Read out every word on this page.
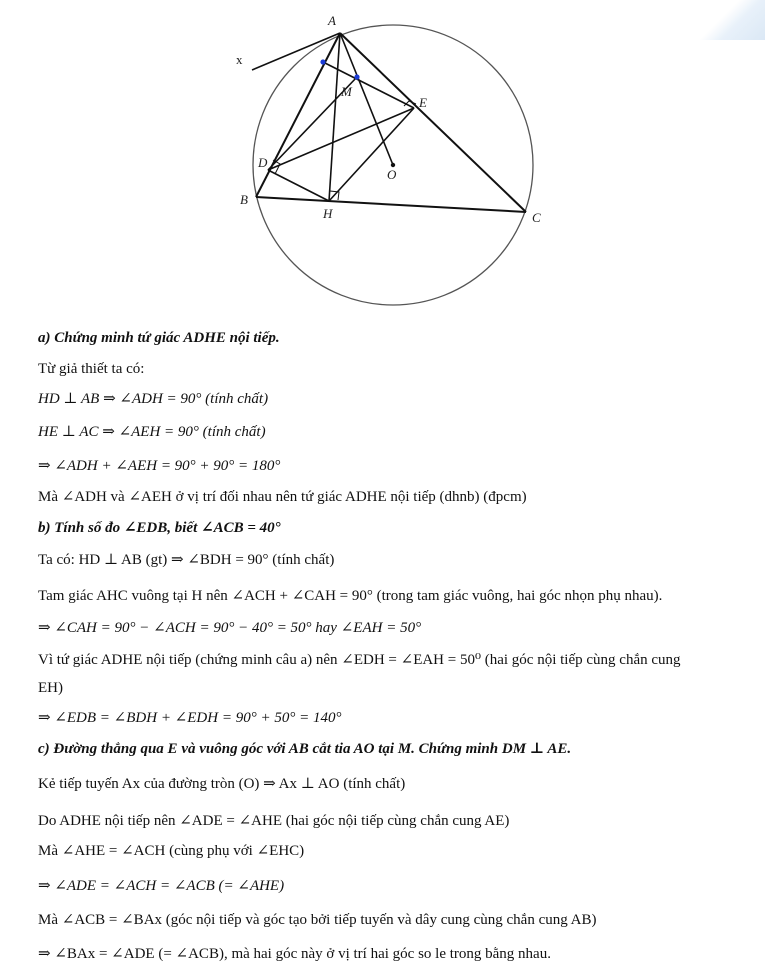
A
x
M
E
D
O
B
H	C
a) Chứng minh tứ giác ADHE nội tiếp.
Từ giả thiết ta có:
HD ⊥ AB ⇒ ∠ADH = 90° (tính chất)
HE ⊥ AC ⇒ ∠AEH = 90° (tính chất)
⇒ ∠ADH + ∠AEH = 90° + 90° = 180°
Mà ∠ADH và ∠AEH ở vị trí đối nhau nên tứ giác ADHE nội tiếp (dhnb) (đpcm)
b) Tính số đo ∠EDB, biết ∠ACB = 40°
Ta có: HD ⊥ AB (gt) ⇒ ∠BDH = 90° (tính chất)
Tam giác AHC vuông tại H nên ∠ACH + ∠CAH = 90° (trong tam giác vuông, hai góc nhọn phụ nhau).
⇒ ∠CAH = 90° − ∠ACH = 90° − 40° = 50° hay ∠EAH = 50°
Vì tứ giác ADHE nội tiếp (chứng minh câu a) nên ∠EDH = ∠EAH = 50⁰ (hai góc nội tiếp cùng chắn cung
EH)
⇒ ∠EDB = ∠BDH + ∠EDH = 90° + 50° = 140°
c) Đường thẳng qua E và vuông góc với AB cắt tia AO tại M. Chứng minh DM ⊥ AE.
Kẻ tiếp tuyến Ax của đường tròn (O) ⇒ Ax ⊥ AO (tính chất)
Do ADHE nội tiếp nên ∠ADE = ∠AHE (hai góc nội tiếp cùng chắn cung AE)
Mà ∠AHE = ∠ACH (cùng phụ với ∠EHC)
⇒ ∠ADE = ∠ACH = ∠ACB (= ∠AHE)
Mà ∠ACB = ∠BAx (góc nội tiếp và góc tạo bởi tiếp tuyến và dây cung cùng chắn cung AB)
⇒ ∠BAx = ∠ADE (= ∠ACB), mà hai góc này ở vị trí hai góc so le trong bằng nhau.
